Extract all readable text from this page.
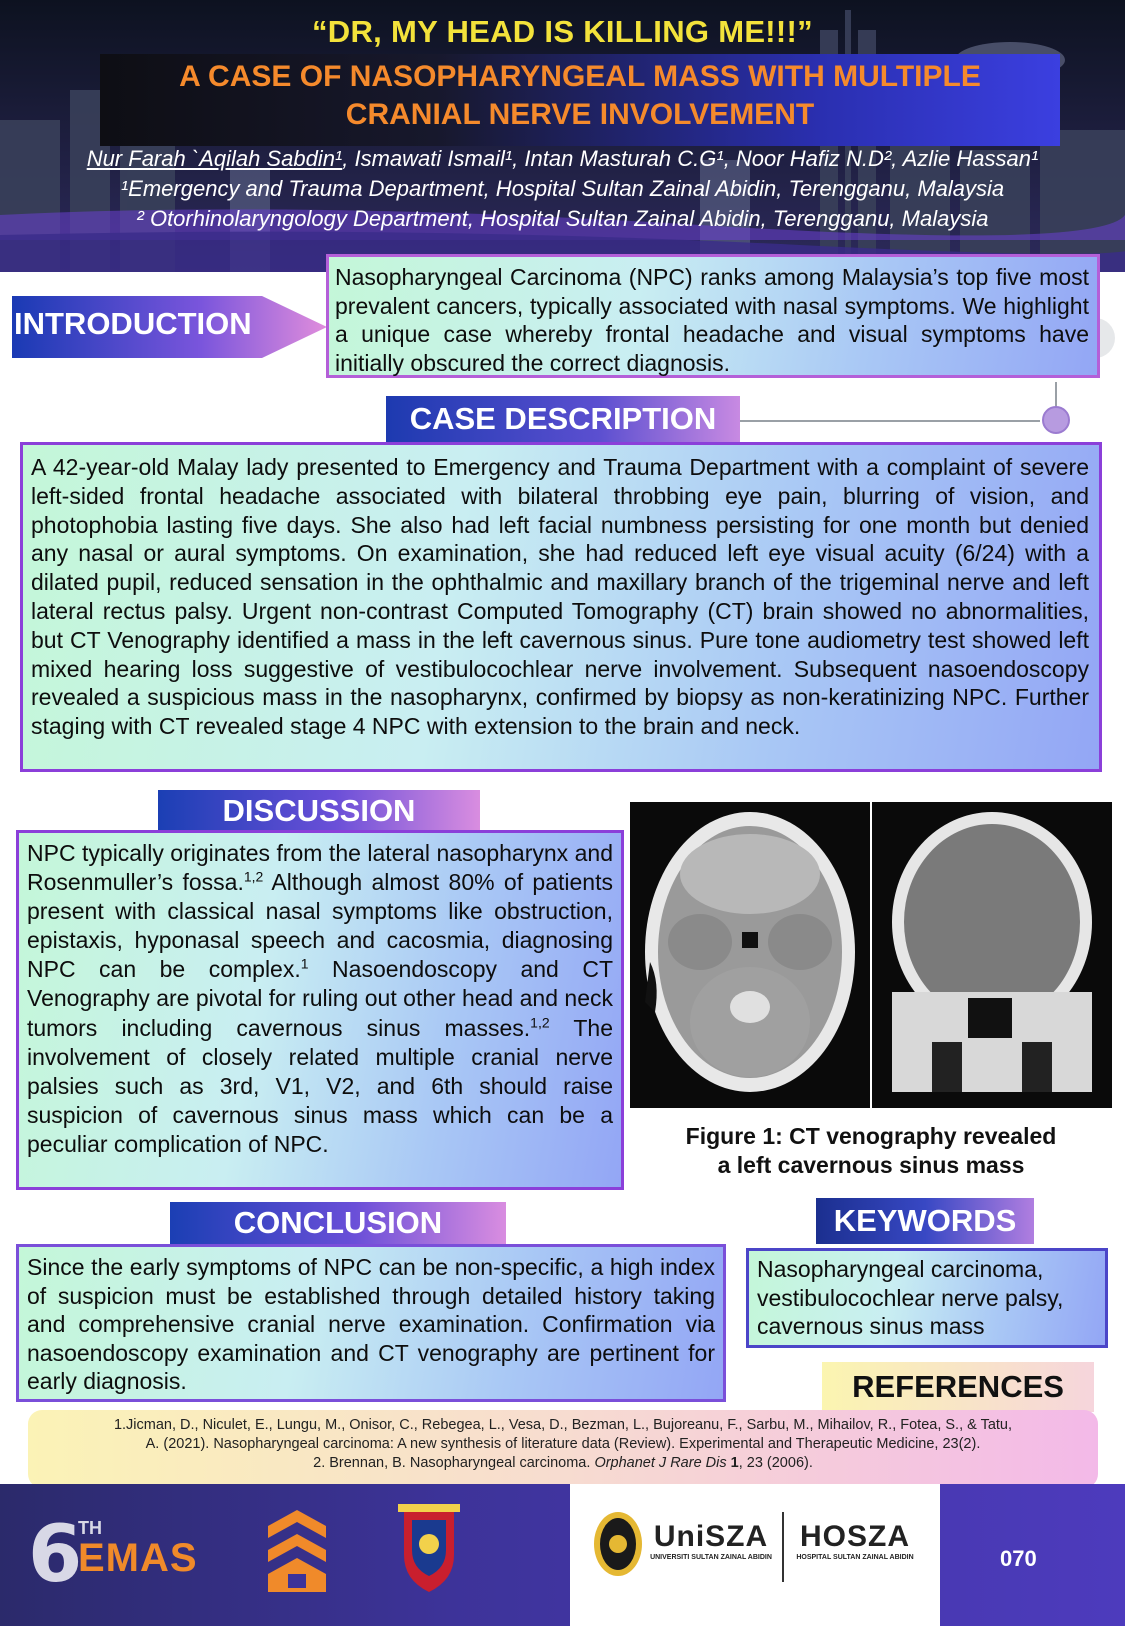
“DR, MY HEAD IS KILLING ME!!!”
A CASE OF NASOPHARYNGEAL MASS WITH MULTIPLE
CRANIAL NERVE INVOLVEMENT
Nur Farah `Aqilah Sabdin¹, Ismawati Ismail¹, Intan Masturah C.G¹, Noor Hafiz N.D², Azlie Hassan¹
¹Emergency and Trauma Department, Hospital Sultan Zainal Abidin, Terengganu, Malaysia
² Otorhinolaryngology Department, Hospital Sultan Zainal Abidin, Terengganu, Malaysia
INTRODUCTION
Nasopharyngeal Carcinoma (NPC) ranks among Malaysia’s top five most prevalent cancers, typically associated with nasal symptoms. We highlight a unique case whereby frontal headache and visual symptoms have initially obscured the correct diagnosis.
CASE DESCRIPTION
A 42-year-old Malay lady presented to Emergency and Trauma Department with a complaint of severe left-sided frontal headache associated with bilateral throbbing eye pain, blurring of vision, and photophobia lasting five days. She also had left facial numbness persisting for one month but denied any nasal or aural symptoms. On examination, she had reduced left eye visual acuity (6/24) with a dilated pupil, reduced sensation in the ophthalmic and maxillary branch of the trigeminal nerve and left lateral rectus palsy. Urgent non-contrast Computed Tomography (CT) brain showed no abnormalities, but CT Venography identified a mass in the left cavernous sinus. Pure tone audiometry test showed left mixed hearing loss suggestive of vestibulocochlear nerve involvement. Subsequent nasoendoscopy revealed a suspicious mass in the nasopharynx, confirmed by biopsy as non-keratinizing NPC. Further staging with CT revealed stage 4 NPC with extension to the brain and neck.
DISCUSSION
NPC typically originates from the lateral nasopharynx and Rosenmuller’s fossa.$^{1,2}$ Although almost 80% of patients present with classical nasal symptoms like obstruction, epistaxis, hyponasal speech and cacosmia, diagnosing NPC can be complex.$^1$ Nasoendoscopy and CT Venography are pivotal for ruling out other head and neck tumors including cavernous sinus masses.$^{1,2}$ The involvement of closely related multiple cranial nerve palsies such as 3rd, V1, V2, and 6th should raise suspicion of cavernous sinus mass which can be a peculiar complication of NPC.	Figure 1: CT venography revealed
a left cavernous sinus mass
CONCLUSION
Since the early symptoms of NPC can be non-specific, a high index of suspicion must be established through detailed history taking and comprehensive cranial nerve examination. Confirmation via nasoendoscopy examination and CT venography are pertinent for early diagnosis.
KEYWORDS
Nasopharyngeal carcinoma,
vestibulocochlear nerve palsy,
cavernous sinus mass
REFERENCES
1.Jicman, D., Niculet, E., Lungu, M., Onisor, C., Rebegea, L., Vesa, D., Bezman, L., Bujoreanu, F., Sarbu, M., Mihailov, R., Fotea, S., & Tatu,
A. (2021). Nasopharyngeal carcinoma: A new synthesis of literature data (Review). Experimental and Therapeutic Medicine, 23(2).
2. Brennan, B. Nasopharyngeal carcinoma. Orphanet J Rare Dis 1, 23 (2006).
6
TH
EMAS	UniSZA
UNIVERSITI SULTAN ZAINAL ABIDIN
HOSZA
HOSPITAL SULTAN ZAINAL ABIDIN	070
